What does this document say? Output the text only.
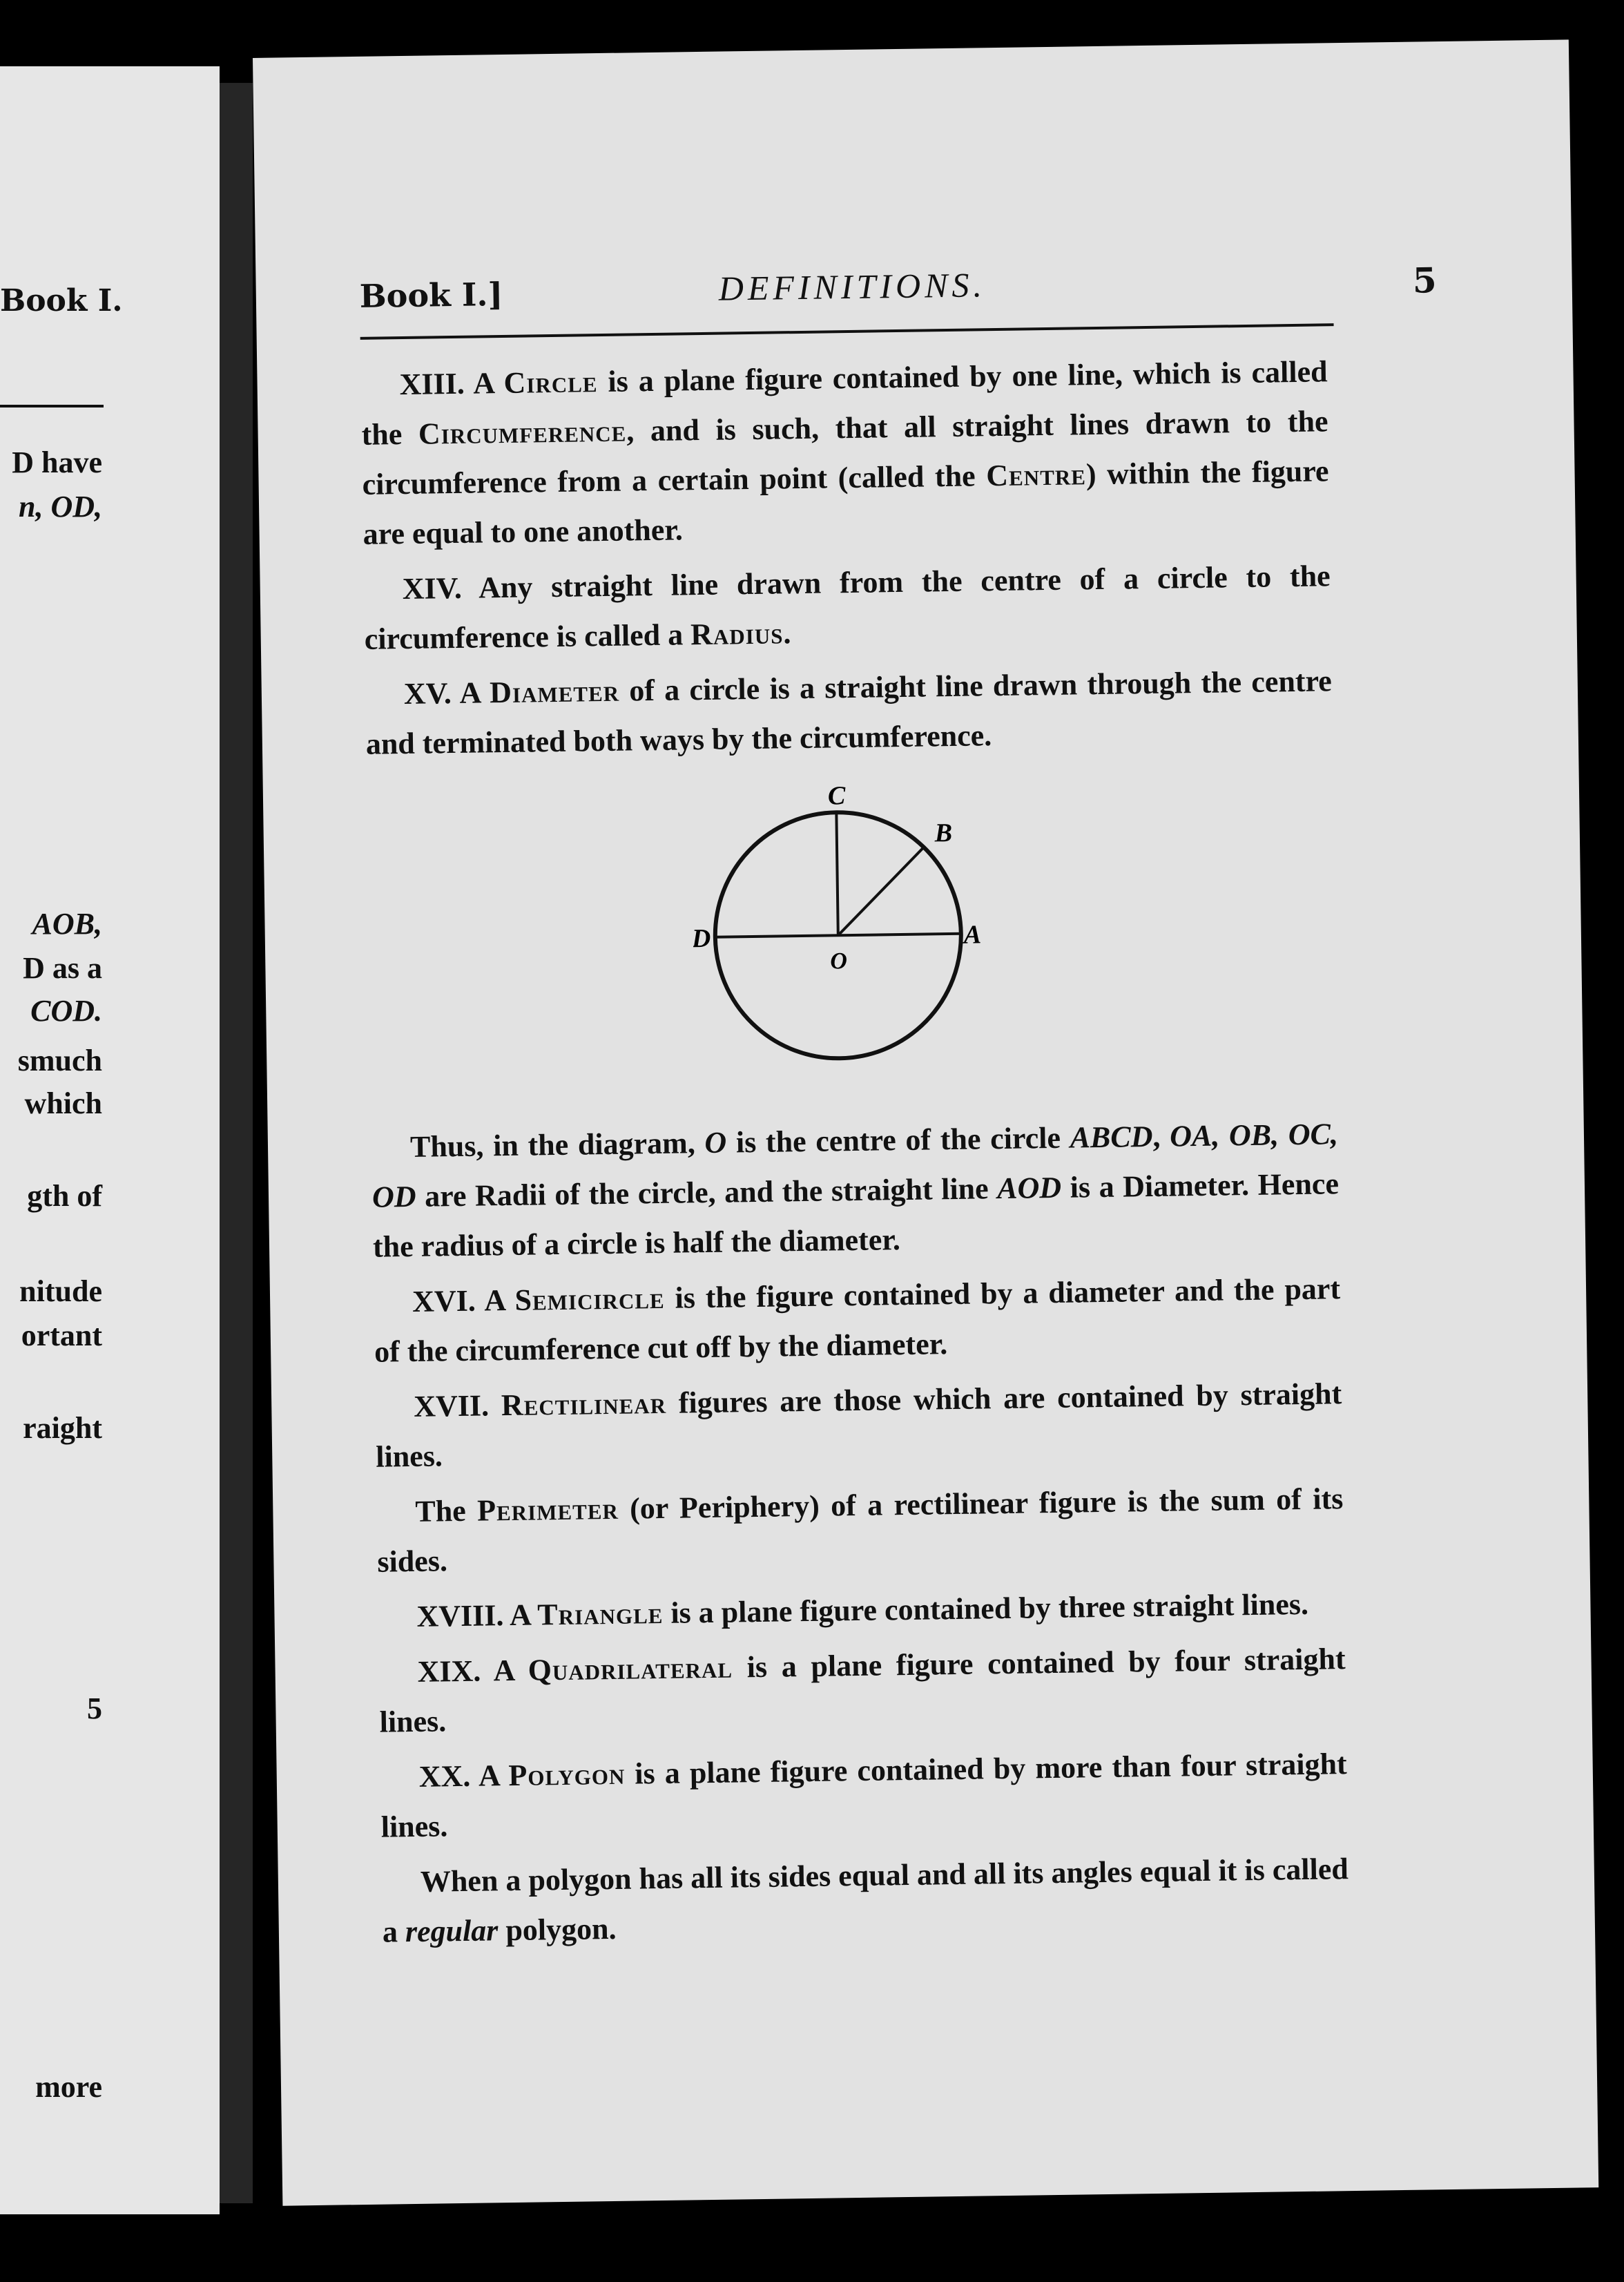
Book I.
D have
n, OD,
AOB,
D as a
COD.
smuch
which
gth of
nitude
ortant
raight
5
more
Book I.]	DEFINITIONS.	5

XIII. A Circle is a plane figure contained by one line, which is called the Circumference, and is such, that all straight lines drawn to the circumference from a certain point (called the Centre) within the figure are equal to one another.

XIV. Any straight line drawn from the centre of a circle to the circumference is called a Radius.

XV. A Diameter of a circle is a straight line drawn through the centre and terminated both ways by the circumference.

C
B
D	A
O

Thus, in the diagram, O is the centre of the circle ABCD, OA, OB, OC, OD are Radii of the circle, and the straight line AOD is a Diameter. Hence the radius of a circle is half the diameter.

XVI. A Semicircle is the figure contained by a diameter and the part of the circumference cut off by the diameter.

XVII. Rectilinear figures are those which are contained by straight lines.

The Perimeter (or Periphery) of a rectilinear figure is the sum of its sides.

XVIII. A Triangle is a plane figure contained by three straight lines.

XIX. A Quadrilateral is a plane figure contained by four straight lines.

XX. A Polygon is a plane figure contained by more than four straight lines.

When a polygon has all its sides equal and all its angles equal it is called a regular polygon.
